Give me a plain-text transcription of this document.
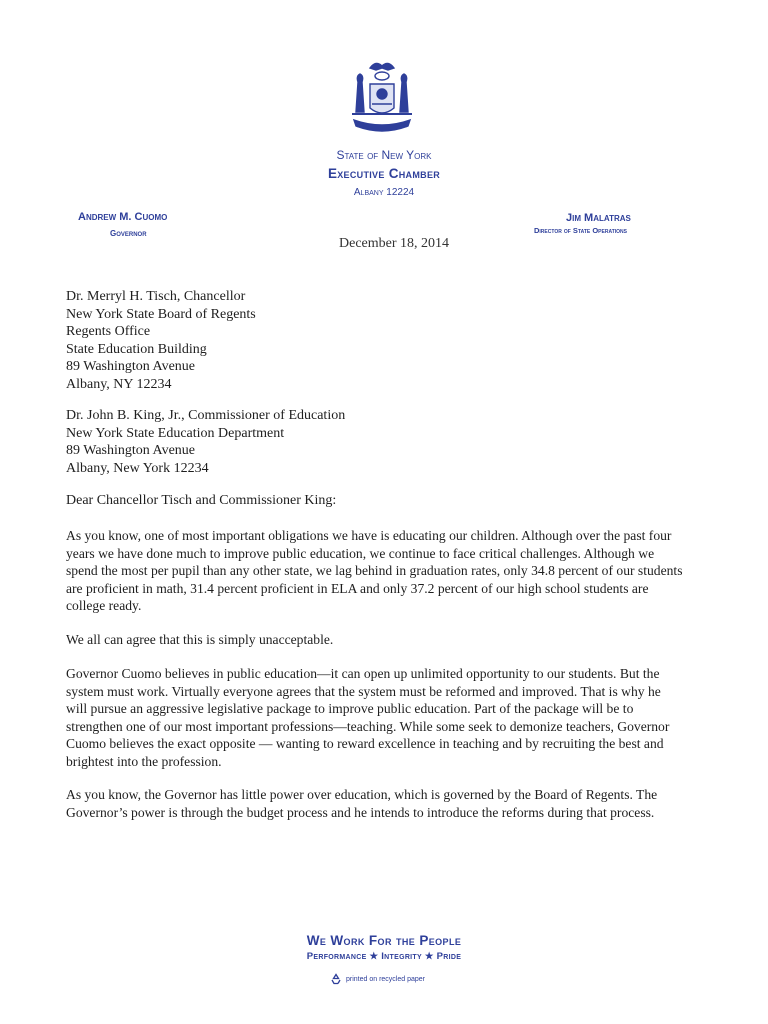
State of New York
Executive Chamber
Albany 12224
Andrew M. Cuomo
Governor
Jim Malatras
Director of State Operations
December 18, 2014
Dr. Merryl H. Tisch, Chancellor
New York State Board of Regents
Regents Office
State Education Building
89 Washington Avenue
Albany, NY 12234
Dr. John B. King, Jr., Commissioner of Education
New York State Education Department
89 Washington Avenue
Albany, New York 12234
Dear Chancellor Tisch and Commissioner King:
As you know, one of most important obligations we have is educating our children. Although over the past four years we have done much to improve public education, we continue to face critical challenges. Although we spend the most per pupil than any other state, we lag behind in graduation rates, only 34.8 percent of our students are proficient in math, 31.4 percent proficient in ELA and only 37.2 percent of our high school students are college ready.
We all can agree that this is simply unacceptable.
Governor Cuomo believes in public education—it can open up unlimited opportunity to our students. But the system must work. Virtually everyone agrees that the system must be reformed and improved. That is why he will pursue an aggressive legislative package to improve public education. Part of the package will be to strengthen one of our most important professions—teaching. While some seek to demonize teachers, Governor Cuomo believes the exact opposite — wanting to reward excellence in teaching and by recruiting the best and brightest into the profession.
As you know, the Governor has little power over education, which is governed by the Board of Regents. The Governor’s power is through the budget process and he intends to introduce the reforms during that process.
We Work For the People
Performance ★ Integrity ★ Pride
printed on recycled paper
